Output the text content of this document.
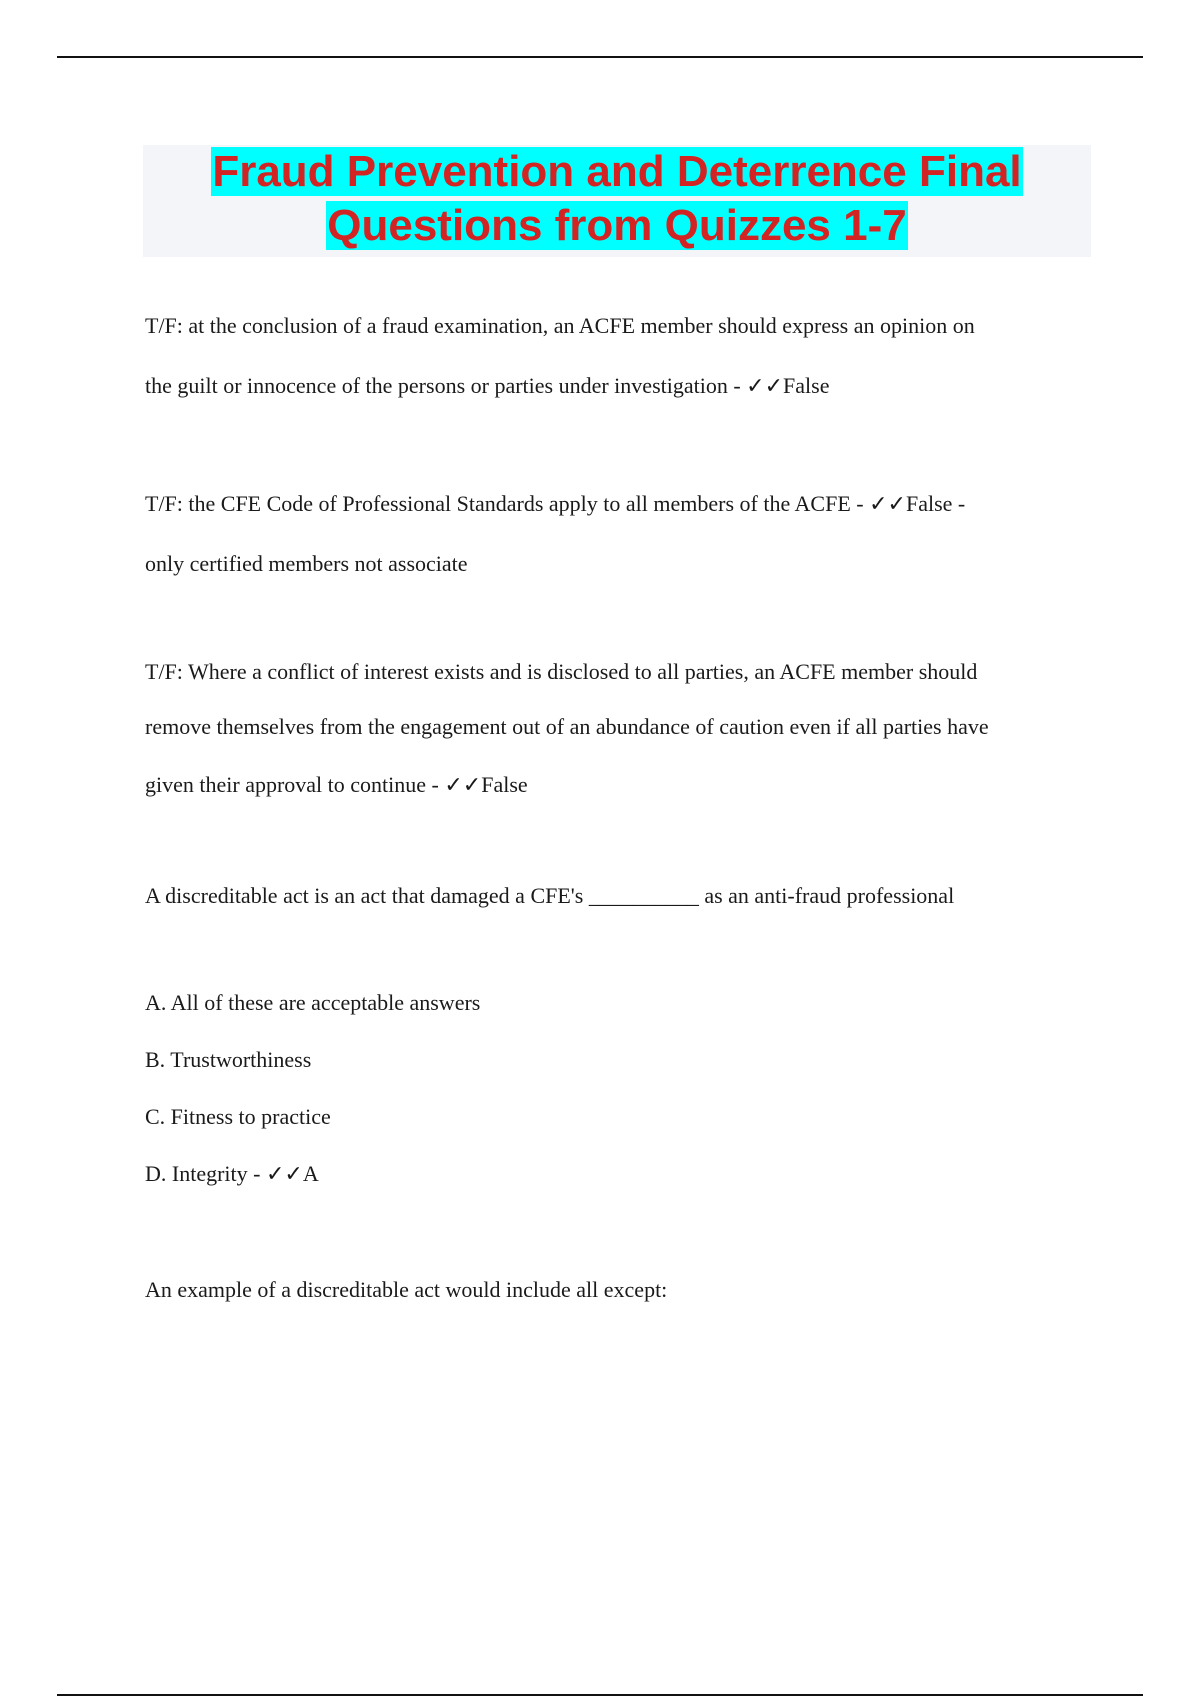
Fraud Prevention and Deterrence Final
Questions from Quizzes 1-7
T/F: at the conclusion of a fraud examination, an ACFE member should express an opinion on
the guilt or innocence of the persons or parties under investigation - ✓✓False
T/F: the CFE Code of Professional Standards apply to all members of the ACFE - ✓✓False -
only certified members not associate
T/F: Where a conflict of interest exists and is disclosed to all parties, an ACFE member should
remove themselves from the engagement out of an abundance of caution even if all parties have
given their approval to continue - ✓✓False
A discreditable act is an act that damaged a CFE's __________ as an anti-fraud professional
A. All of these are acceptable answers
B. Trustworthiness
C. Fitness to practice
D. Integrity - ✓✓A
An example of a discreditable act would include all except:
